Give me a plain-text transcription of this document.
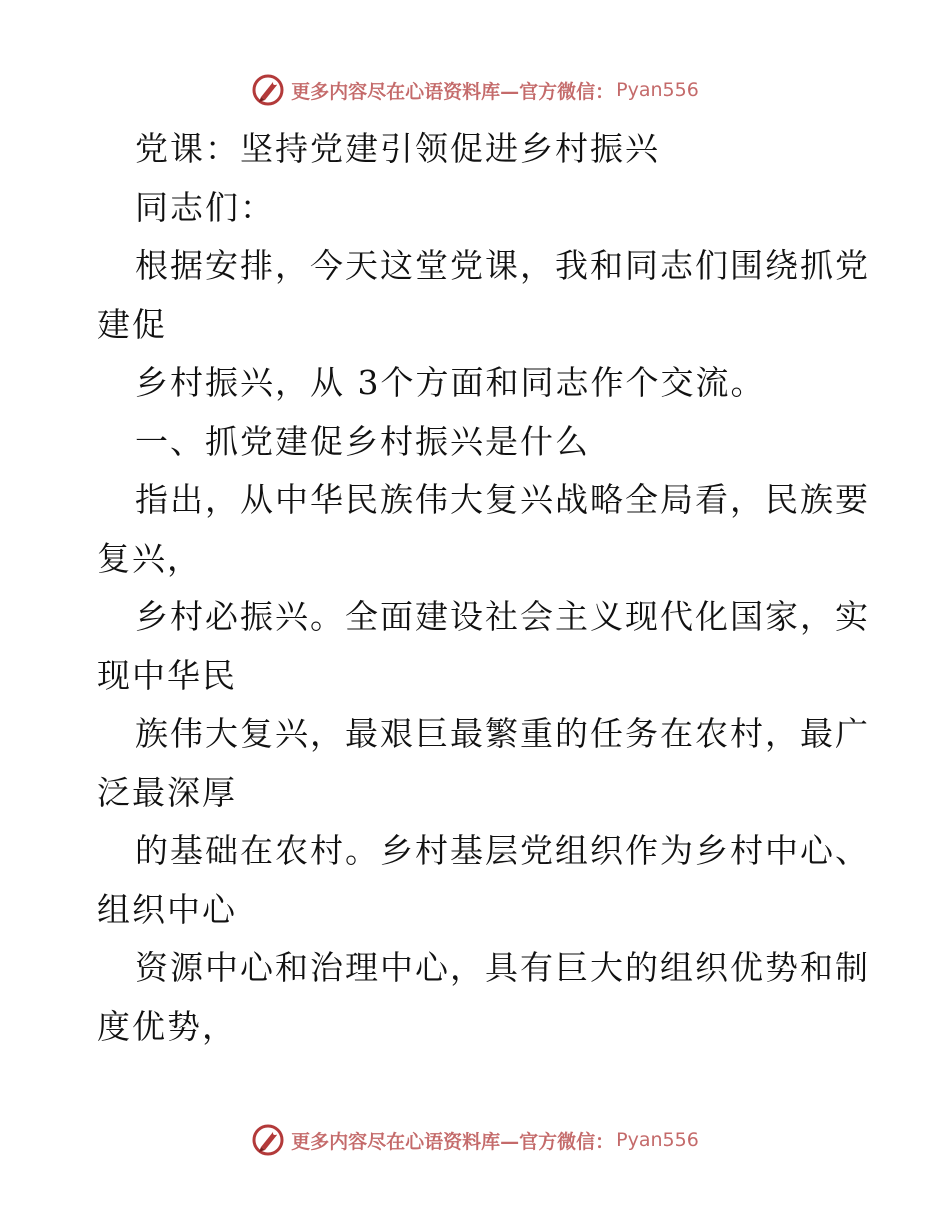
更多内容尽在心语资料库—官方微信： Pyan556
党课：坚持党建引领促进乡村振兴
同志们：
根据安排，今天这堂党课，我和同志们围绕抓党
建促
乡村振兴，从 3个方面和同志作个交流。
一、抓党建促乡村振兴是什么
指出，从中华民族伟大复兴战略全局看，民族要
复兴，
乡村必振兴。全面建设社会主义现代化国家，实
现中华民
族伟大复兴，最艰巨最繁重的任务在农村，最广
泛最深厚
的基础在农村。乡村基层党组织作为乡村中心、
组织中心
资源中心和治理中心，具有巨大的组织优势和制
度优势，
更多内容尽在心语资料库—官方微信： Pyan556
